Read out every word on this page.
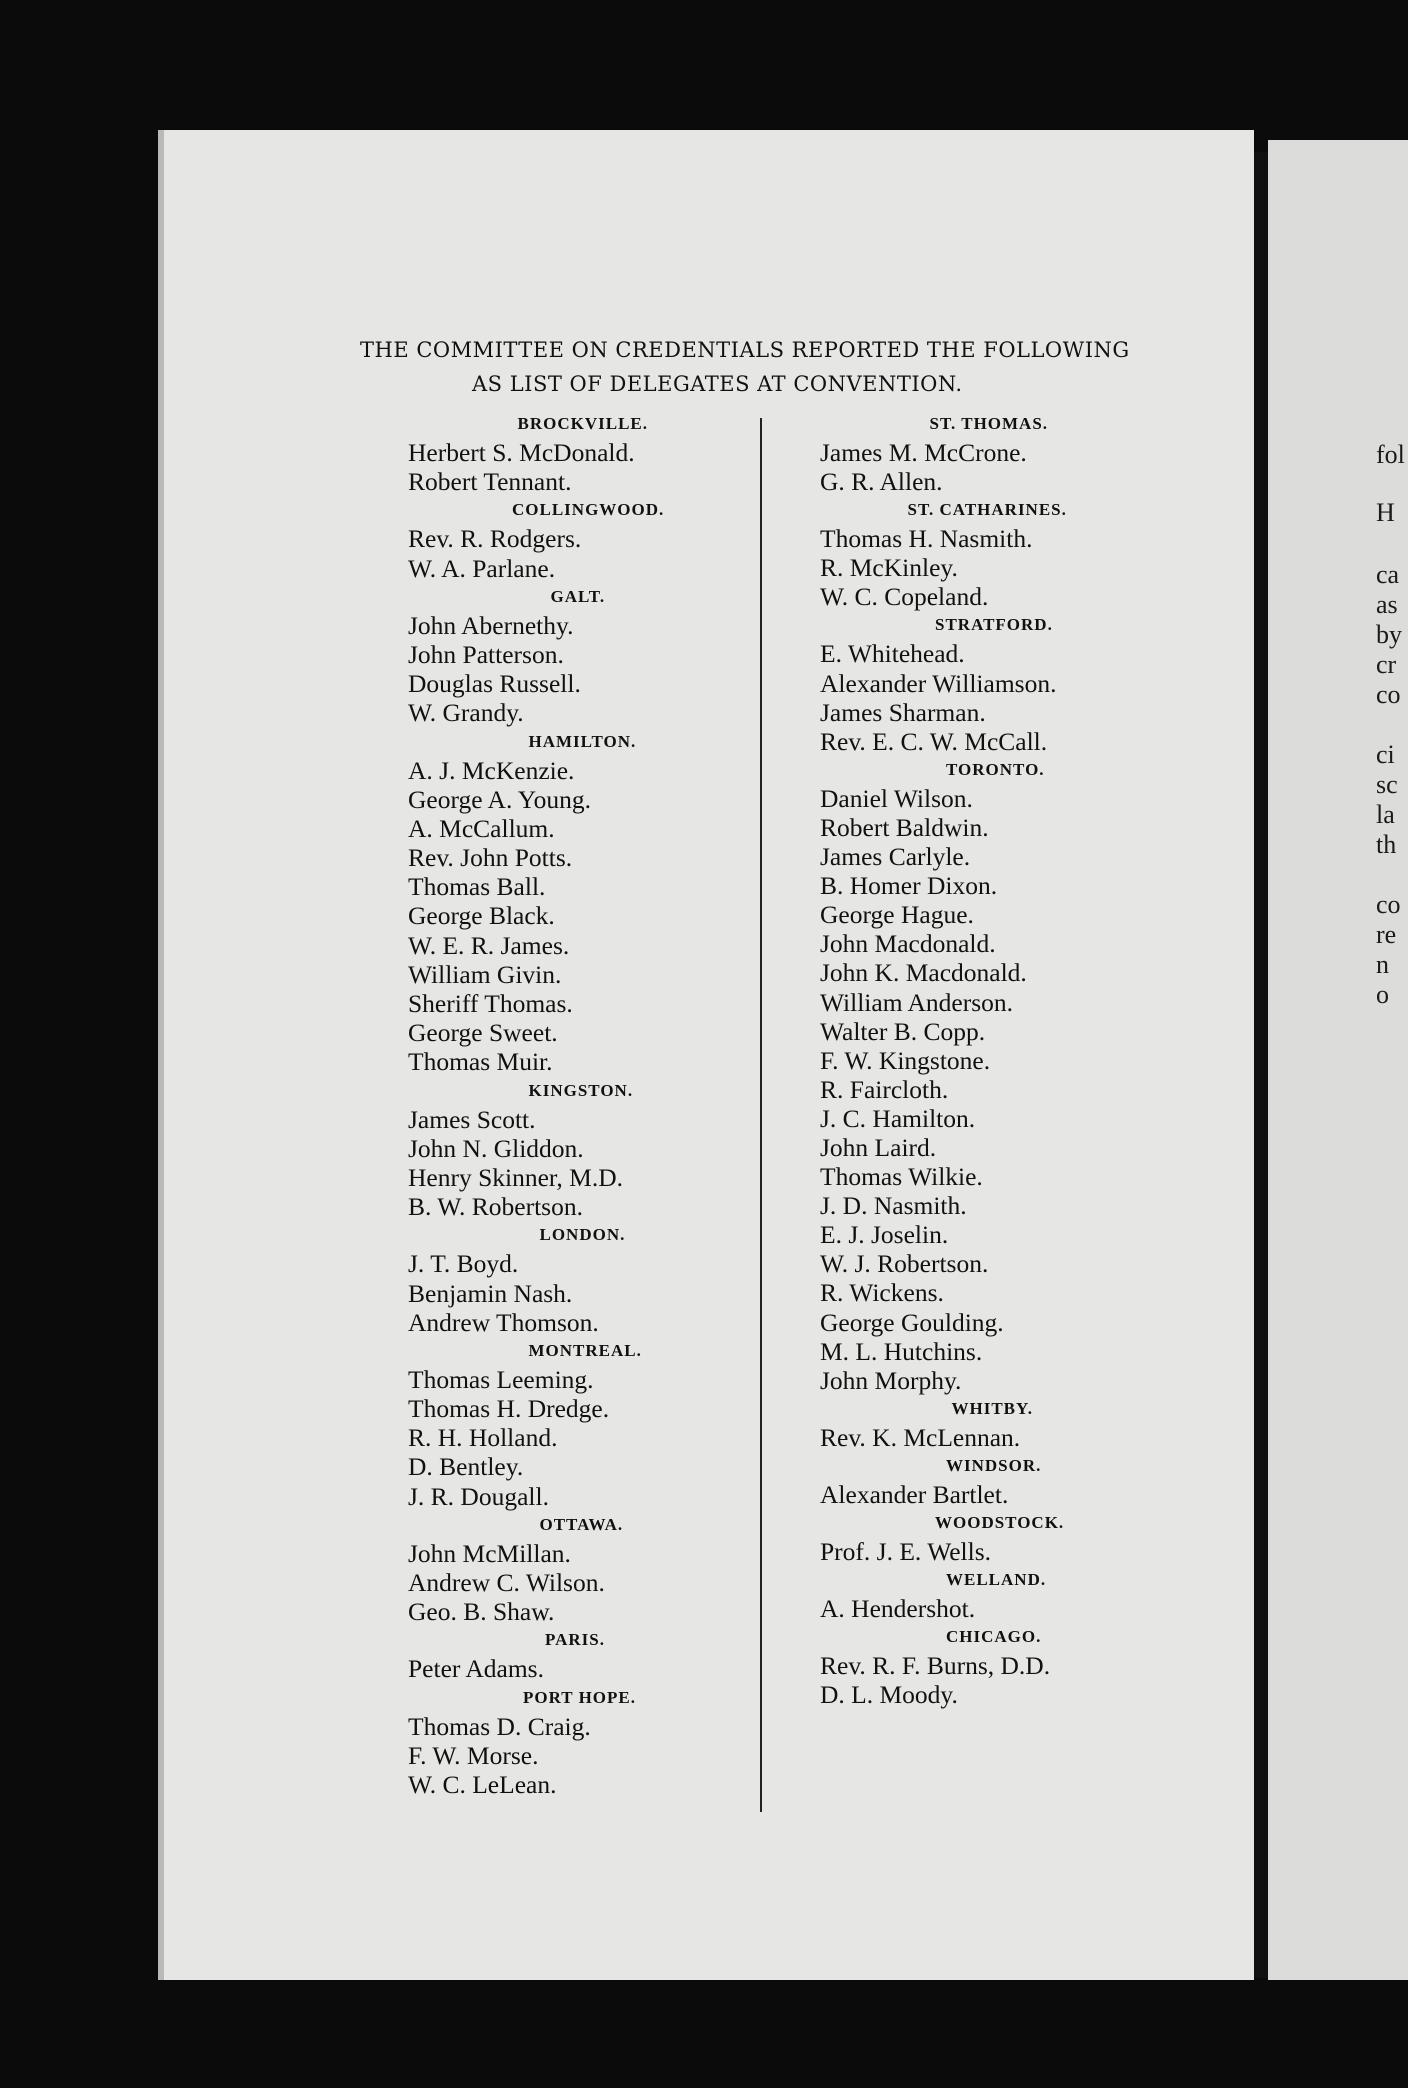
fol
H
ca
as
by
cr
co
ci
sc
la
th
co
re
n
o
THE COMMITTEE ON CREDENTIALS REPORTED THE FOLLOWING
AS LIST OF DELEGATES AT CONVENTION.
BROCKVILLE.
Herbert S. McDonald.
Robert Tennant.
COLLINGWOOD.
Rev. R. Rodgers.
W. A. Parlane.
GALT.
John Abernethy.
John Patterson.
Douglas Russell.
W. Grandy.
HAMILTON.
A. J. McKenzie.
George A. Young.
A. McCallum.
Rev. John Potts.
Thomas Ball.
George Black.
W. E. R. James.
William Givin.
Sheriff Thomas.
George Sweet.
Thomas Muir.
KINGSTON.
James Scott.
John N. Gliddon.
Henry Skinner, M.D.
B. W. Robertson.
LONDON.
J. T. Boyd.
Benjamin Nash.
Andrew Thomson.
MONTREAL.
Thomas Leeming.
Thomas H. Dredge.
R. H. Holland.
D. Bentley.
J. R. Dougall.
OTTAWA.
John McMillan.
Andrew C. Wilson.
Geo. B. Shaw.
PARIS.
Peter Adams.
PORT HOPE.
Thomas D. Craig.
F. W. Morse.
W. C. LeLean.
ST. THOMAS.
James M. McCrone.
G. R. Allen.
ST. CATHARINES.
Thomas H. Nasmith.
R. McKinley.
W. C. Copeland.
STRATFORD.
E. Whitehead.
Alexander Williamson.
James Sharman.
Rev. E. C. W. McCall.
TORONTO.
Daniel Wilson.
Robert Baldwin.
James Carlyle.
B. Homer Dixon.
George Hague.
John Macdonald.
John K. Macdonald.
William Anderson.
Walter B. Copp.
F. W. Kingstone.
R. Faircloth.
J. C. Hamilton.
John Laird.
Thomas Wilkie.
J. D. Nasmith.
E. J. Joselin.
W. J. Robertson.
R. Wickens.
George Goulding.
M. L. Hutchins.
John Morphy.
WHITBY.
Rev. K. McLennan.
WINDSOR.
Alexander Bartlet.
WOODSTOCK.
Prof. J. E. Wells.
WELLAND.
A. Hendershot.
CHICAGO.
Rev. R. F. Burns, D.D.
D. L. Moody.
